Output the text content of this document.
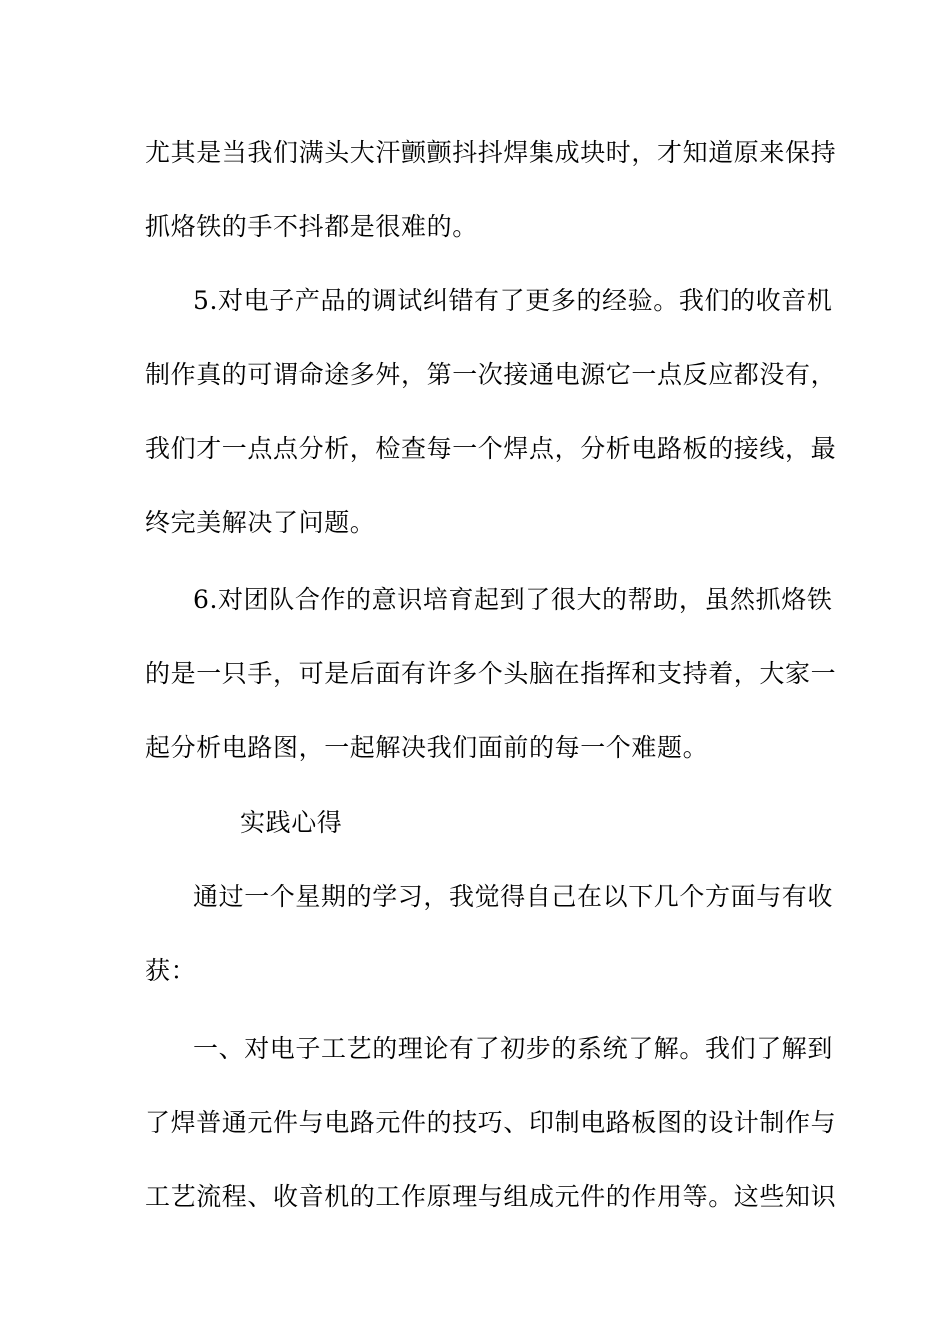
尤其是当我们满头大汗颤颤抖抖焊集成块时，才知道原来保持
抓烙铁的手不抖都是很难的。
5.对电子产品的调试纠错有了更多的经验。我们的收音机
制作真的可谓命途多舛，第一次接通电源它一点反应都没有，
我们才一点点分析，检查每一个焊点，分析电路板的接线，最
终完美解决了问题。
6.对团队合作的意识培育起到了很大的帮助，虽然抓烙铁
的是一只手，可是后面有许多个头脑在指挥和支持着，大家一
起分析电路图，一起解决我们面前的每一个难题。
实践心得
通过一个星期的学习，我觉得自己在以下几个方面与有收
获：
一、对电子工艺的理论有了初步的系统了解。我们了解到
了焊普通元件与电路元件的技巧、印制电路板图的设计制作与
工艺流程、收音机的工作原理与组成元件的作用等。这些知识
